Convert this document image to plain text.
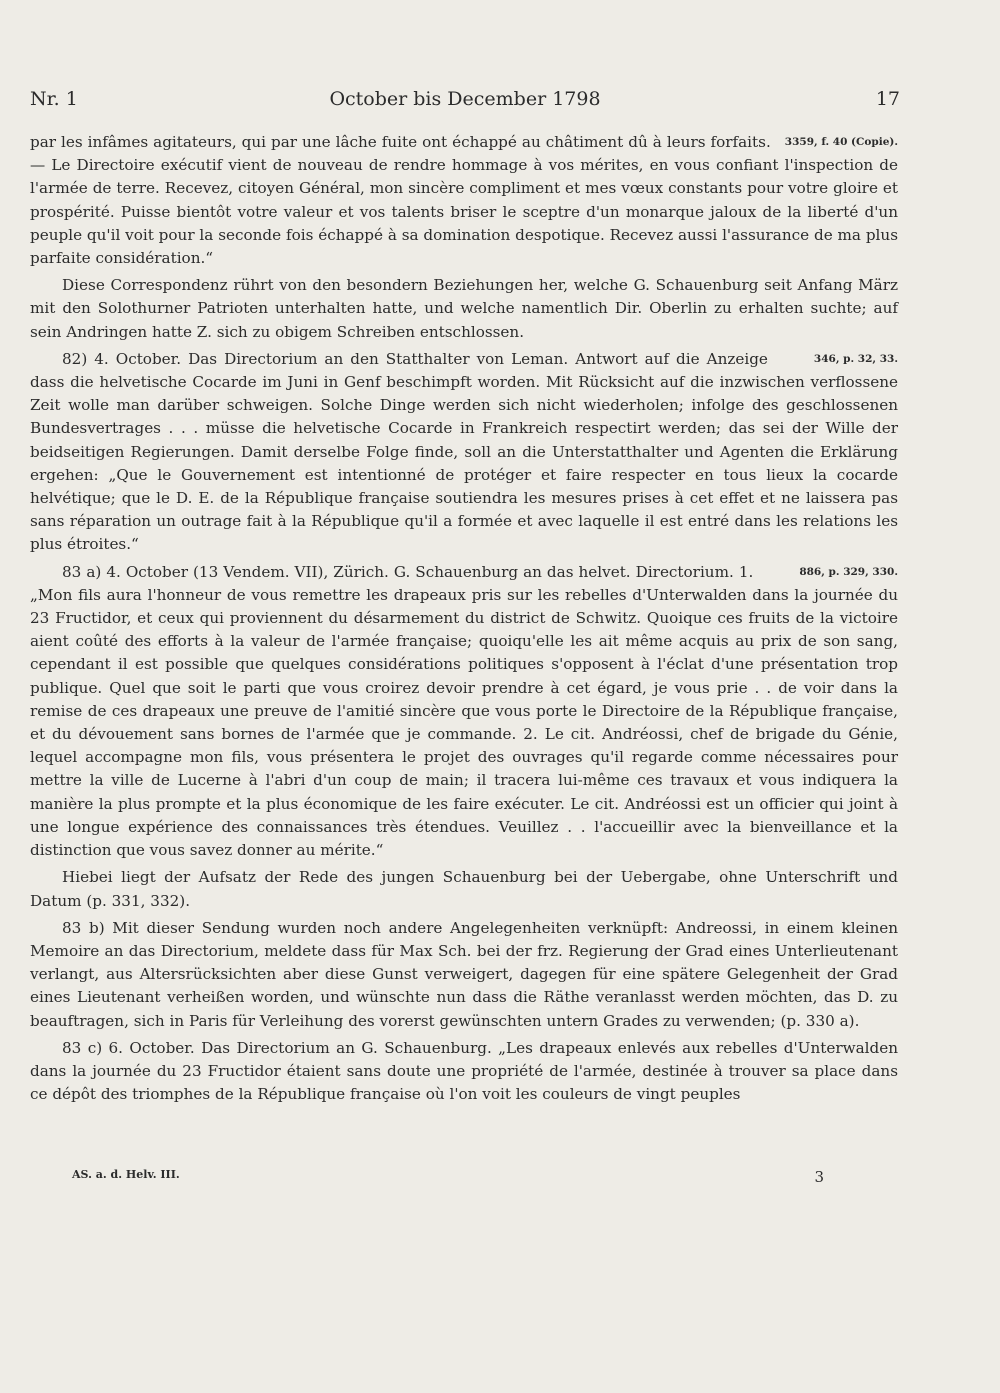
Nr. 1	October bis December 1798	17

3359, f. 40 (Copie).
par les infâmes agitateurs, qui par une lâche fuite ont échappé au châtiment dû à leurs forfaits. — Le Directoire exécutif vient de nouveau de rendre hommage à vos mérites, en vous confiant l'inspection de l'armée de terre. Recevez, citoyen Général, mon sincère compliment et mes vœux constants pour votre gloire et prospérité. Puisse bientôt votre valeur et vos talents briser le sceptre d'un monarque jaloux de la liberté d'un peuple qu'il voit pour la seconde fois échappé à sa domination despotique. Recevez aussi l'assurance de ma plus parfaite considération.“

Diese Correspondenz rührt von den besondern Beziehungen her, welche G. Schauenburg seit Anfang März mit den Solothurner Patrioten unterhalten hatte, und welche namentlich Dir. Oberlin zu erhalten suchte; auf sein Andringen hatte Z. sich zu obigem Schreiben entschlossen.

346, p. 32, 33.
82) 4. October. Das Directorium an den Statthalter von Leman. Antwort auf die Anzeige dass die helvetische Cocarde im Juni in Genf beschimpft worden. Mit Rücksicht auf die inzwischen verflossene Zeit wolle man darüber schweigen. Solche Dinge werden sich nicht wiederholen; infolge des geschlossenen Bundesvertrages . . . müsse die helvetische Cocarde in Frankreich respectirt werden; das sei der Wille der beidseitigen Regierungen. Damit derselbe Folge finde, soll an die Unterstatthalter und Agenten die Erklärung ergehen: „Que le Gouvernement est intentionné de protéger et faire respecter en tous lieux la cocarde helvétique; que le D. E. de la République française soutiendra les mesures prises à cet effet et ne laissera pas sans réparation un outrage fait à la République qu'il a formée et avec laquelle il est entré dans les relations les plus étroites.“

886, p. 329, 330.
83 a) 4. October (13 Vendem. VII), Zürich. G. Schauenburg an das helvet. Directorium. 1. „Mon fils aura l'honneur de vous remettre les drapeaux pris sur les rebelles d'Unterwalden dans la journée du 23 Fructidor, et ceux qui proviennent du désarmement du district de Schwitz. Quoique ces fruits de la victoire aient coûté des efforts à la valeur de l'armée française; quoiqu'elle les ait même acquis au prix de son sang, cependant il est possible que quelques considérations politiques s'opposent à l'éclat d'une présentation trop publique. Quel que soit le parti que vous croirez devoir prendre à cet égard, je vous prie . . de voir dans la remise de ces drapeaux une preuve de l'amitié sincère que vous porte le Directoire de la République française, et du dévouement sans bornes de l'armée que je commande. 2. Le cit. Andréossi, chef de brigade du Génie, lequel accompagne mon fils, vous présentera le projet des ouvrages qu'il regarde comme nécessaires pour mettre la ville de Lucerne à l'abri d'un coup de main; il tracera lui-même ces travaux et vous indiquera la manière la plus prompte et la plus économique de les faire exécuter. Le cit. Andréossi est un officier qui joint à une longue expérience des connaissances très étendues. Veuillez . . l'accueillir avec la bienveillance et la distinction que vous savez donner au mérite.“

Hiebei liegt der Aufsatz der Rede des jungen Schauenburg bei der Uebergabe, ohne Unterschrift und Datum (p. 331, 332).

83 b) Mit dieser Sendung wurden noch andere Angelegenheiten verknüpft: Andreossi, in einem kleinen Memoire an das Directorium, meldete dass für Max Sch. bei der frz. Regierung der Grad eines Unterlieutenant verlangt, aus Altersrücksichten aber diese Gunst verweigert, dagegen für eine spätere Gelegenheit der Grad eines Lieutenant verheißen worden, und wünschte nun dass die Räthe veranlasst werden möchten, das D. zu beauftragen, sich in Paris für Verleihung des vorerst gewünschten untern Grades zu verwenden; (p. 330 a).

83 c) 6. October. Das Directorium an G. Schauenburg. „Les drapeaux enlevés aux rebelles d'Unterwalden dans la journée du 23 Fructidor étaient sans doute une propriété de l'armée, destinée à trouver sa place dans ce dépôt des triomphes de la République française où l'on voit les couleurs de vingt peuples

AS. a. d. Helv. III.	3
